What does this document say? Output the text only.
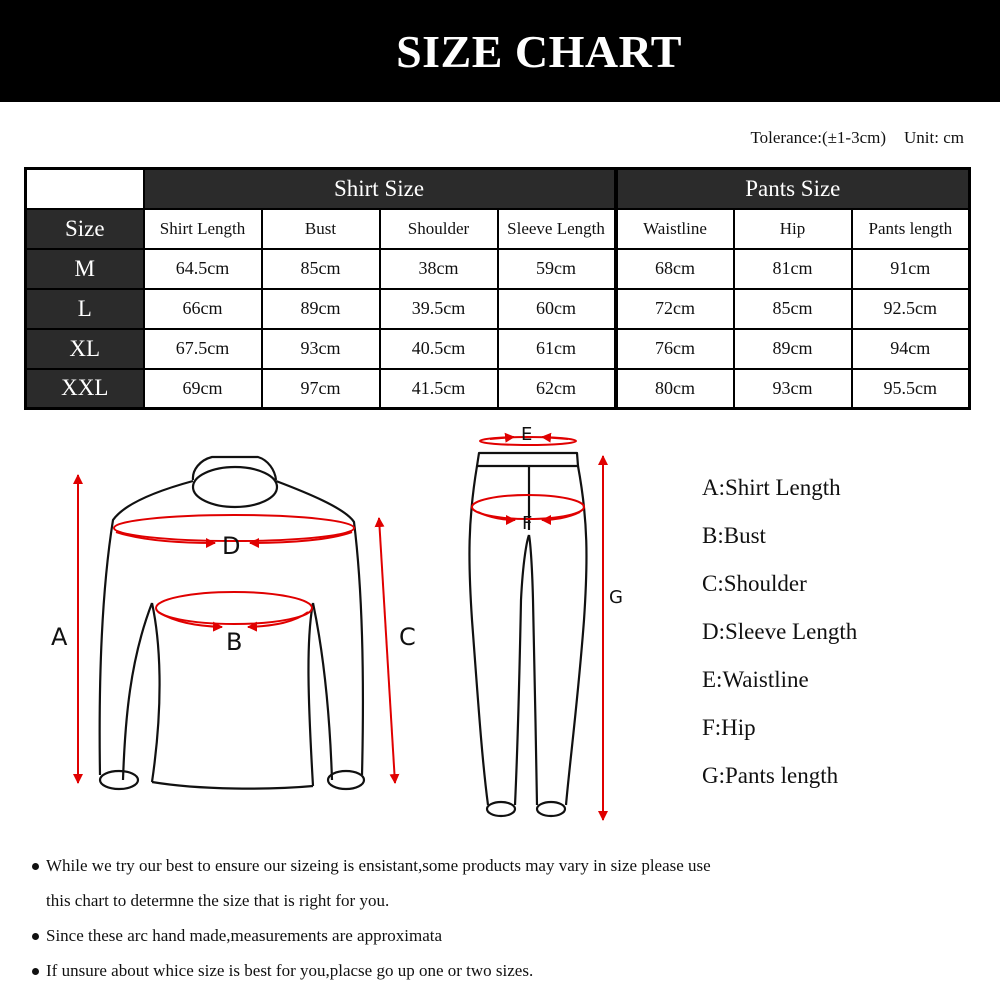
SIZE CHART
Tolerance:(±1-3cm) Unit: cm
	Shirt Size				Pants Size		
Size	Shirt Length	Bust	Shoulder	Sleeve Length	Waistline	Hip	Pants length
M	64.5cm	85cm	38cm	59cm	68cm	81cm	91cm
L	66cm	89cm	39.5cm	60cm	72cm	85cm	92.5cm
XL	67.5cm	93cm	40.5cm	61cm	76cm	89cm	94cm
XXL	69cm	97cm	41.5cm	62cm	80cm	93cm	95.5cm
A
D
B	C
E
F
G
A:Shirt Length
B:Bust
C:Shoulder
D:Sleeve Length
E:Waistline
F:Hip
G:Pants length
While we try our best to ensure our sizeing is ensistant,some products may vary in size please use
this chart to determne the size that is right for you.
Since these arc hand made,measurements are approximata
If unsure about whice size is best for you,placse go up one or two sizes.
